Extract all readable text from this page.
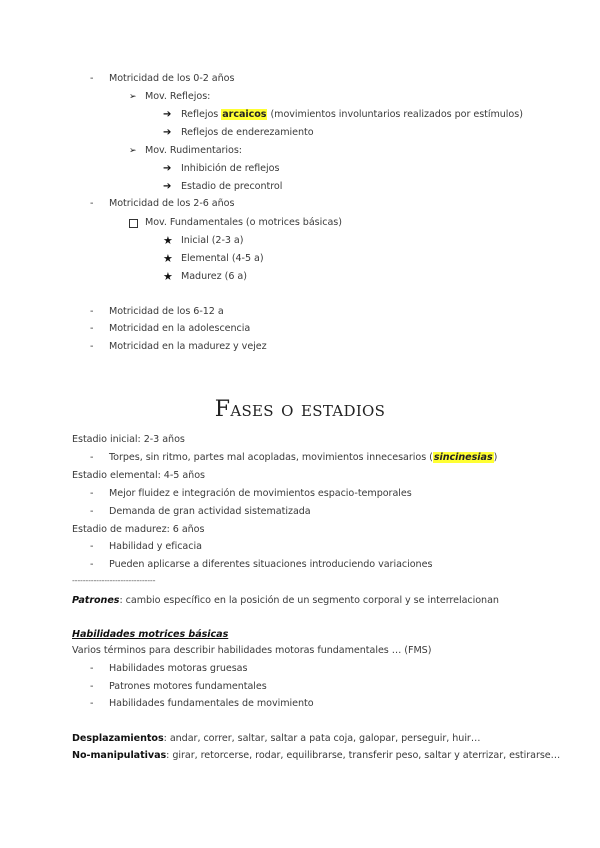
- Motricidad de los 0-2 años
➢ Mov. Reflejos:
➔ Reflejos arcaicos (movimientos involuntarios realizados por estímulos)
➔ Reflejos de enderezamiento
➢ Mov. Rudimentarios:
➔ Inhibición de reflejos
➔ Estadio de precontrol
- Motricidad de los 2-6 años
Mov. Fundamentales (o motrices básicas)
★ Inicial (2-3 a)
★ Elemental (4-5 a)
★ Madurez (6 a)
- Motricidad de los 6-12 a
- Motricidad en la adolescencia
- Motricidad en la madurez y vejez
Fases o estadios
Estadio inicial: 2-3 años
- Torpes, sin ritmo, partes mal acopladas, movimientos innecesarios (sincinesias)
Estadio elemental: 4-5 años
- Mejor fluidez e integración de movimientos espacio-temporales
- Demanda de gran actividad sistematizada
Estadio de madurez: 6 años
- Habilidad y eficacia
- Pueden aplicarse a diferentes situaciones introduciendo variaciones
-------------------------------
Patrones: cambio específico en la posición de un segmento corporal y se interrelacionan
Habilidades motrices básicas
Varios términos para describir habilidades motoras fundamentales … (FMS)
- Habilidades motoras gruesas
- Patrones motores fundamentales
- Habilidades fundamentales de movimiento
Desplazamientos: andar, correr, saltar, saltar a pata coja, galopar, perseguir, huir…
No-manipulativas: girar, retorcerse, rodar, equilibrarse, transferir peso, saltar y aterrizar, estirarse…
